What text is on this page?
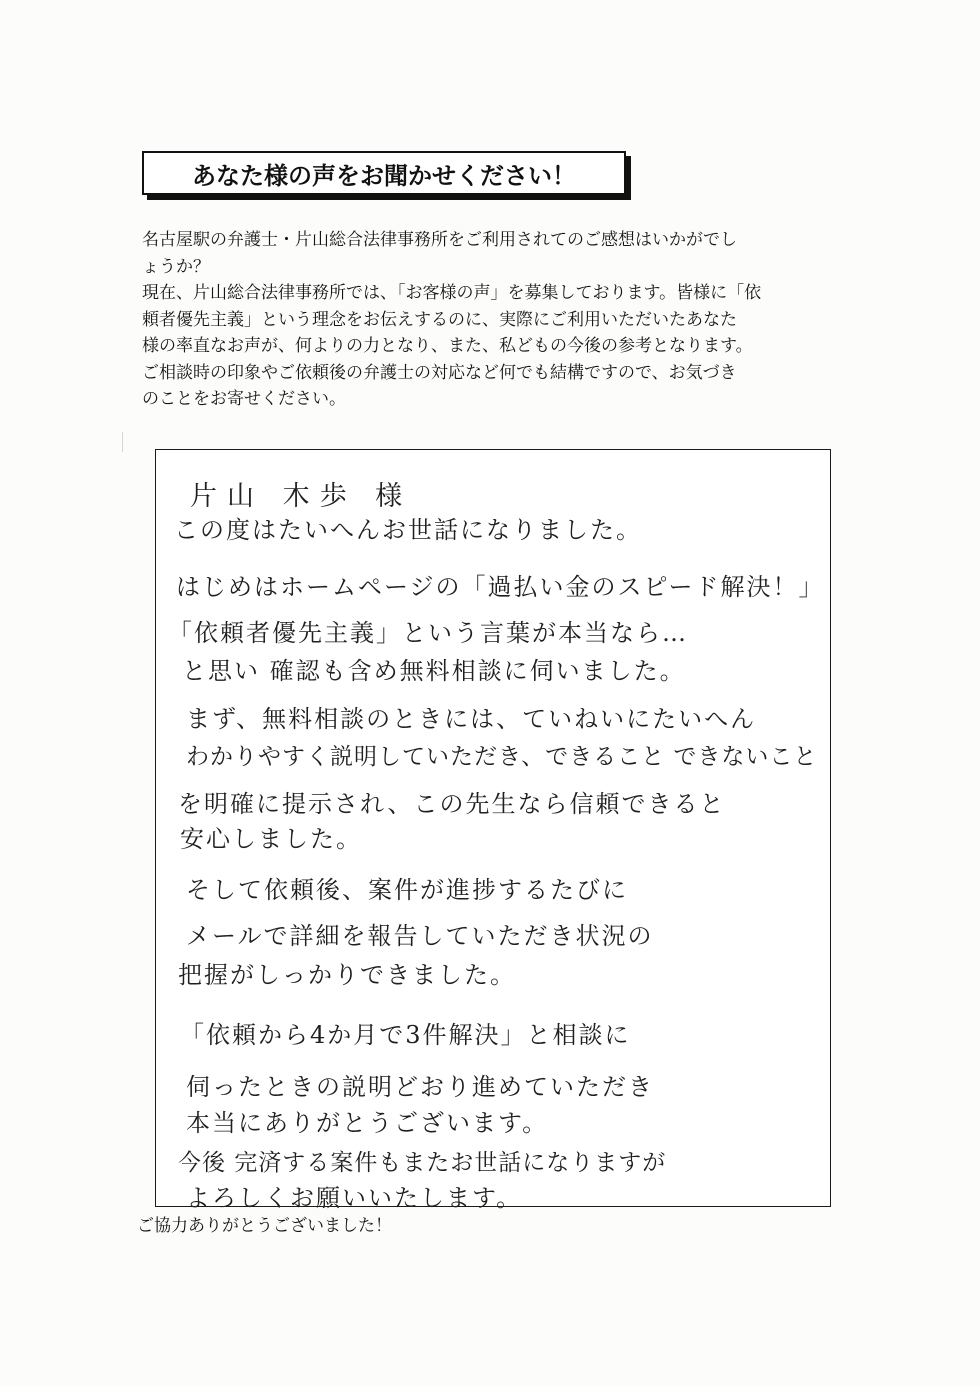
あなた様の声をお聞かせください！

名古屋駅の弁護士・片山総合法律事務所をご利用されてのご感想はいかがでし

ょうか？

現在、片山総合法律事務所では、「お客様の声」を募集しております。皆様に「依

頼者優先主義」という理念をお伝えするのに、実際にご利用いただいたあなた

様の率直なお声が、何よりの力となり、また、私どもの今後の参考となります。

ご相談時の印象やご依頼後の弁護士の対応など何でも結構ですので、お気づき

のことをお寄せください。

片山 木歩 様
この度はたいへんお世話になりました。
はじめはホームページの「過払い金のスピード解決！」
「依頼者優先主義」という言葉が本当なら…
と思い 確認も含め無料相談に伺いました。
まず、無料相談のときには、ていねいにたいへん
わかりやすく説明していただき、できること できないこと
を明確に提示され、この先生なら信頼できると
安心しました。
そして依頼後、案件が進捗するたびに
メールで詳細を報告していただき状況の
把握がしっかりできました。
「依頼から4か月で3件解決」と相談に
伺ったときの説明どおり進めていただき
本当にありがとうございます。
今後 完済する案件もまたお世話になりますが
よろしくお願いいたします。

ご協力ありがとうございました！
